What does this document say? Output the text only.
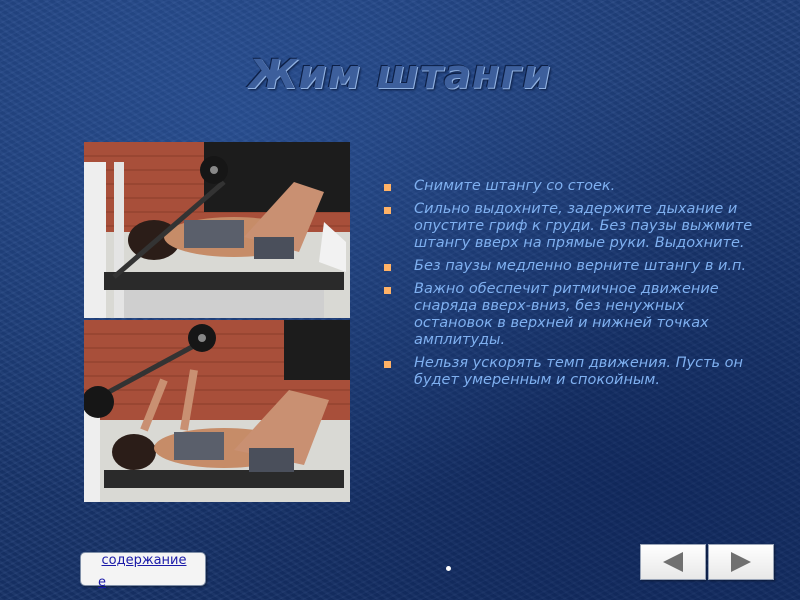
Жим штанги
Снимите штангу со стоек.
Сильно выдохните, задержите дыхание и опустите гриф к груди. Без паузы выжмите штангу вверх на прямые руки. Выдохните.
Без паузы медленно верните штангу в и.п.
Важно обеспечит ритмичное движение снаряда вверх-вниз, без ненужных остановок в верхней и нижней точках амплитуды.
Нельзя ускорять темп движения. Пусть он будет умеренным и спокойным.
содержание
е
